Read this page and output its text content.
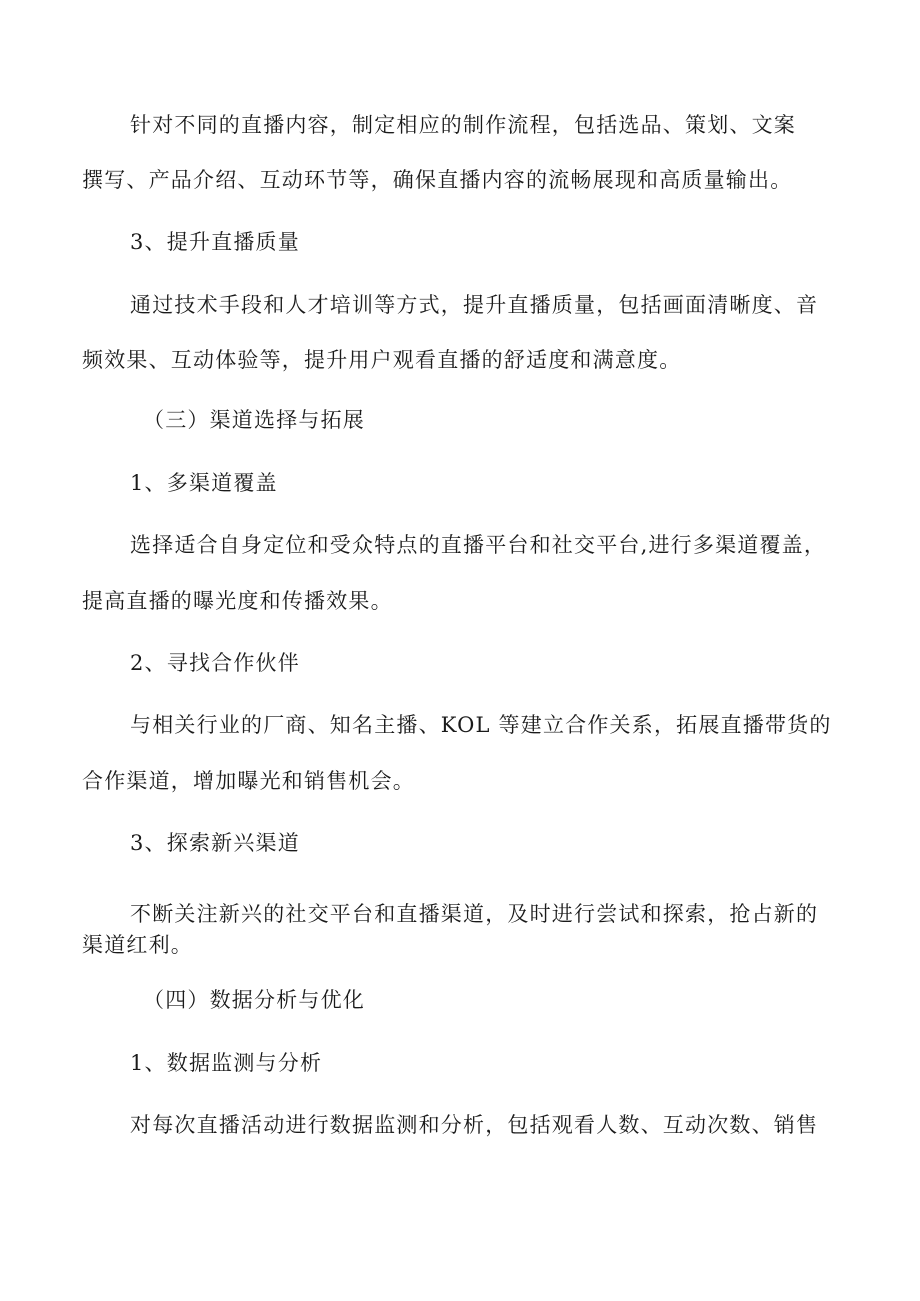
针对不同的直播内容，制定相应的制作流程，包括选品、策划、文案

撰写、产品介绍、互动环节等，确保直播内容的流畅展现和高质量输出。

3、提升直播质量

通过技术手段和人才培训等方式，提升直播质量，包括画面清晰度、音

频效果、互动体验等，提升用户观看直播的舒适度和满意度。

（三）渠道选择与拓展

1、多渠道覆盖

选择适合自身定位和受众特点的直播平台和社交平台,进行多渠道覆盖，

提高直播的曝光度和传播效果。

2、寻找合作伙伴

与相关行业的厂商、知名主播、KOL 等建立合作关系，拓展直播带货的

合作渠道，增加曝光和销售机会。

3、探索新兴渠道

不断关注新兴的社交平台和直播渠道，及时进行尝试和探索，抢占新的

渠道红利。

（四）数据分析与优化

1、数据监测与分析

对每次直播活动进行数据监测和分析，包括观看人数、互动次数、销售
